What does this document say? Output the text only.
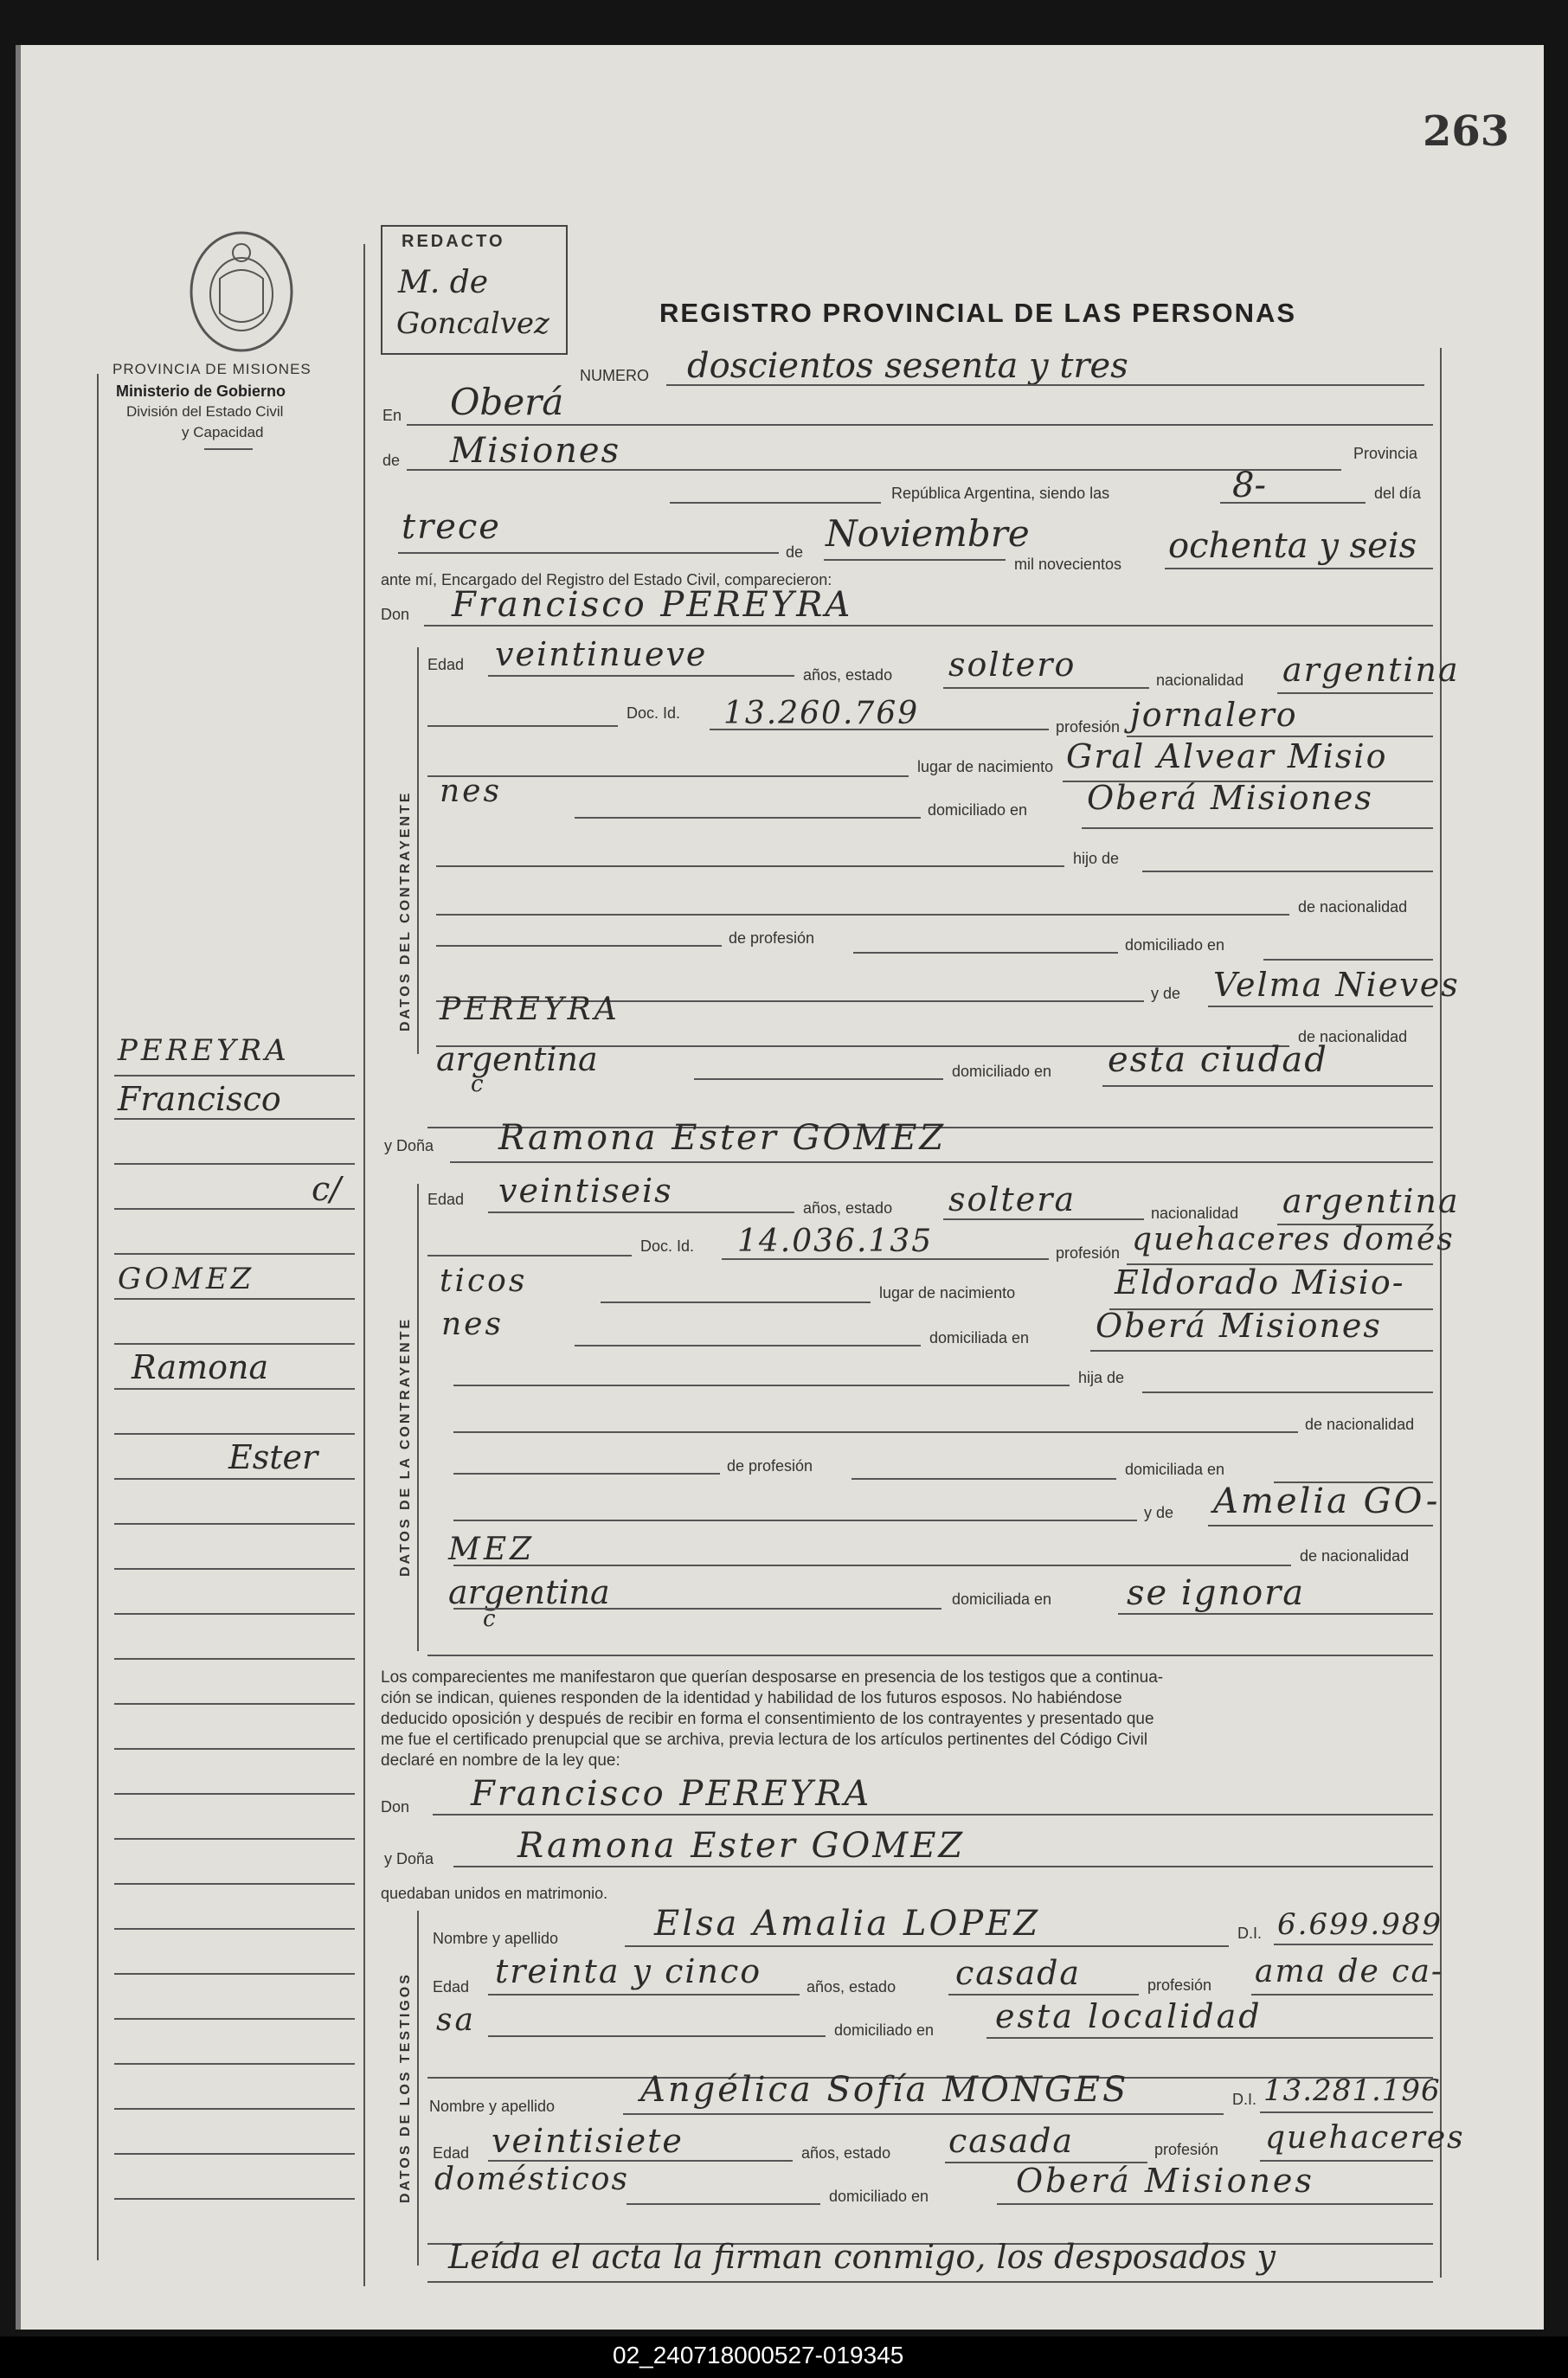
263
PROVINCIA DE MISIONES
Ministerio de Gobierno
División del Estado Civil
y Capacidad
PEREYRA
Francisco
c/
GOMEZ
Ramona
Ester
REDACTO
M. de
Goncalvez	REGISTRO PROVINCIAL DE LAS PERSONAS
NUMERO doscientos sesenta y tres
En Oberá
Provincia
de Misiones
República Argentina, siendo las	8-	del día
trece
de Noviembre
mil novecientos ochenta y seis
ante mí, Encargado del Registro del Estado Civil, comparecieron:
Don Francisco PEREYRA
DATOS DEL CONTRAYENTE
Edad veintinueve
años, estado soltero	nacionalidad argentina
Doc. Id. 13.260.769	profesión jornalero
lugar de nacimiento Gral Alvear Misio
nes
domiciliado en Oberá Misiones
hijo de
de nacionalidad
de profesión	domiciliado en
y de Velma Nieves
PEREYRA
de nacionalidad
argentina
c	domiciliado en esta ciudad
y Doña Ramona Ester GOMEZ
DATOS DE LA CONTRAYENTE
Edad veintiseis	años, estado soltera	nacionalidad argentina
Doc. Id. 14.036.135	profesión quehaceres domés
ticos	lugar de nacimiento	Eldorado Misio-
nes	domiciliada en Oberá Misiones
hija de
de nacionalidad
de profesión	domiciliada en
y de Amelia GO-
MEZ	de nacionalidad
argentina
c
domiciliada en se ignora
Los comparecientes me manifestaron que querían desposarse en presencia de los testigos que a continua-
ción se indican, quienes responden de la identidad y habilidad de los futuros esposos. No habiéndose
deducido oposición y después de recibir en forma el consentimiento de los contrayentes y presentado que
me fue el certificado prenupcial que se archiva, previa lectura de los artículos pertinentes del Código Civil
declaré en nombre de la ley que:
Don Francisco PEREYRA
y Doña Ramona Ester GOMEZ
quedaban unidos en matrimonio.
DATOS DE LOS TESTIGOS
Nombre y apellido	Elsa Amalia LOPEZ	D.I. 6.699.989
Edad treinta y cinco	años, estado casada	profesión ama de ca-
sa	domiciliado en esta localidad
Nombre y apellido Angélica Sofía MONGES	D.I. 13.281.196
Edad veintisiete	años, estado casada	profesión quehaceres
domésticos	domiciliado en	Oberá Misiones
Leída el acta la firman conmigo, los desposados y
02_240718000527-019345
